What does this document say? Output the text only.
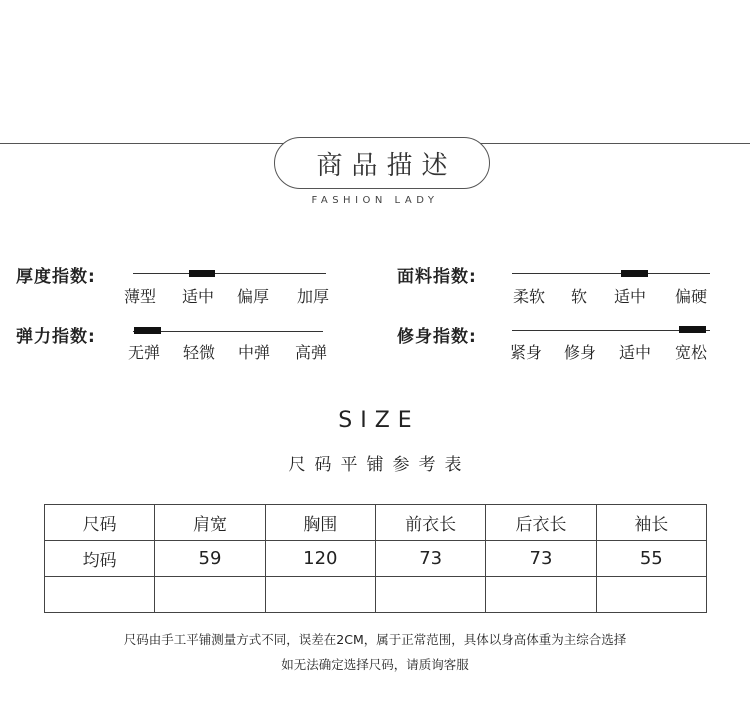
商品描述
FASHION LADY
厚度指数:
薄型 适中 偏厚 加厚
面料指数:
柔软 软 适中 偏硬
弹力指数:
无弹 轻微 中弹 高弹
修身指数:
紧身 修身 适中 宽松
SIZE
尺码平铺参考表
尺码	肩宽	胸围	前衣长	后衣长	袖长
均码	59	120	73	73	55

尺码由手工平铺测量方式不同，误差在2CM，属于正常范围，具体以身高体重为主综合选择
如无法确定选择尺码，请质询客服
